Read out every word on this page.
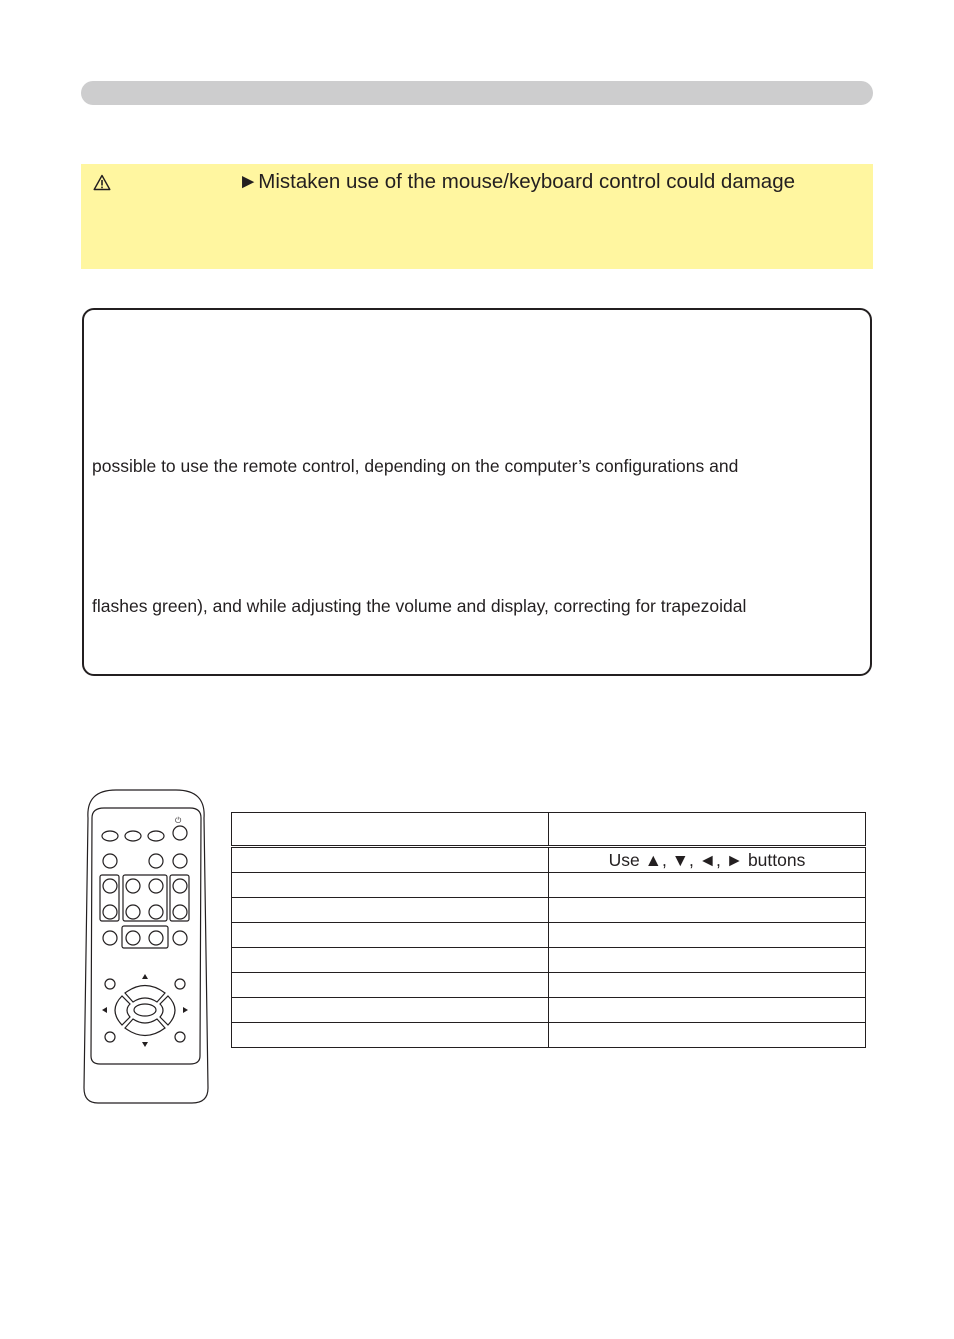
►Mistaken use of the mouse/keyboard control could damage
possible to use the remote control, depending on the computer’s configurations and
flashes green), and while adjusting the volume and display, correcting for trapezoidal
⏻

	Use ▲, ▼, ◄, ► buttons
